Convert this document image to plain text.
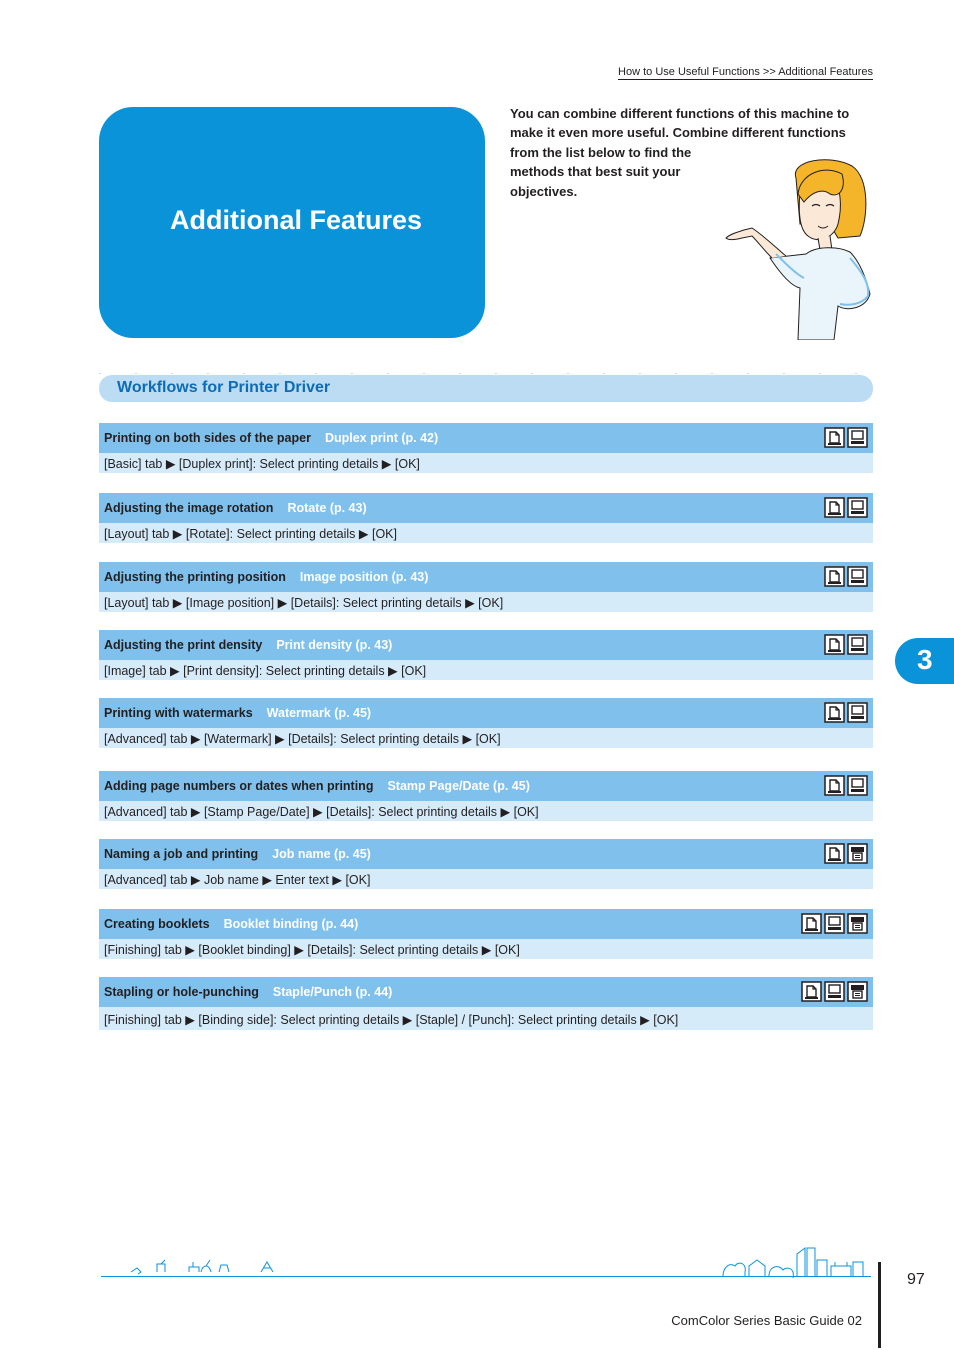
How to Use Useful Functions >> Additional Features
Additional Features
You can combine different functions of this machine to
make it even more useful. Combine different functions
from the list below to find the
methods that best suit your
objectives.
Workflows for Printer Driver
Printing on both sides of the paper Duplex print (p. 42)
[Basic] tab ▶ [Duplex print]: Select printing details ▶ [OK]
Adjusting the image rotation Rotate (p. 43)
[Layout] tab ▶ [Rotate]: Select printing details ▶ [OK]
Adjusting the printing position Image position (p. 43)
[Layout] tab ▶ [Image position] ▶ [Details]: Select printing details ▶ [OK]
Adjusting the print density Print density (p. 43)
[Image] tab ▶ [Print density]: Select printing details ▶ [OK]
Printing with watermarks Watermark (p. 45)
[Advanced] tab ▶ [Watermark] ▶ [Details]: Select printing details ▶ [OK]
Adding page numbers or dates when printing Stamp Page/Date (p. 45)
[Advanced] tab ▶ [Stamp Page/Date] ▶ [Details]: Select printing details ▶ [OK]
Naming a job and printing Job name (p. 45)
[Advanced] tab ▶ Job name ▶ Enter text ▶ [OK]
Creating booklets Booklet binding (p. 44)
[Finishing] tab ▶ [Booklet binding] ▶ [Details]: Select printing details ▶ [OK]
Stapling or hole-punching Staple/Punch (p. 44)
[Finishing] tab ▶ [Binding side]: Select printing details ▶ [Staple] / [Punch]: Select printing details ▶ [OK]
3
97
ComColor Series Basic Guide 02
